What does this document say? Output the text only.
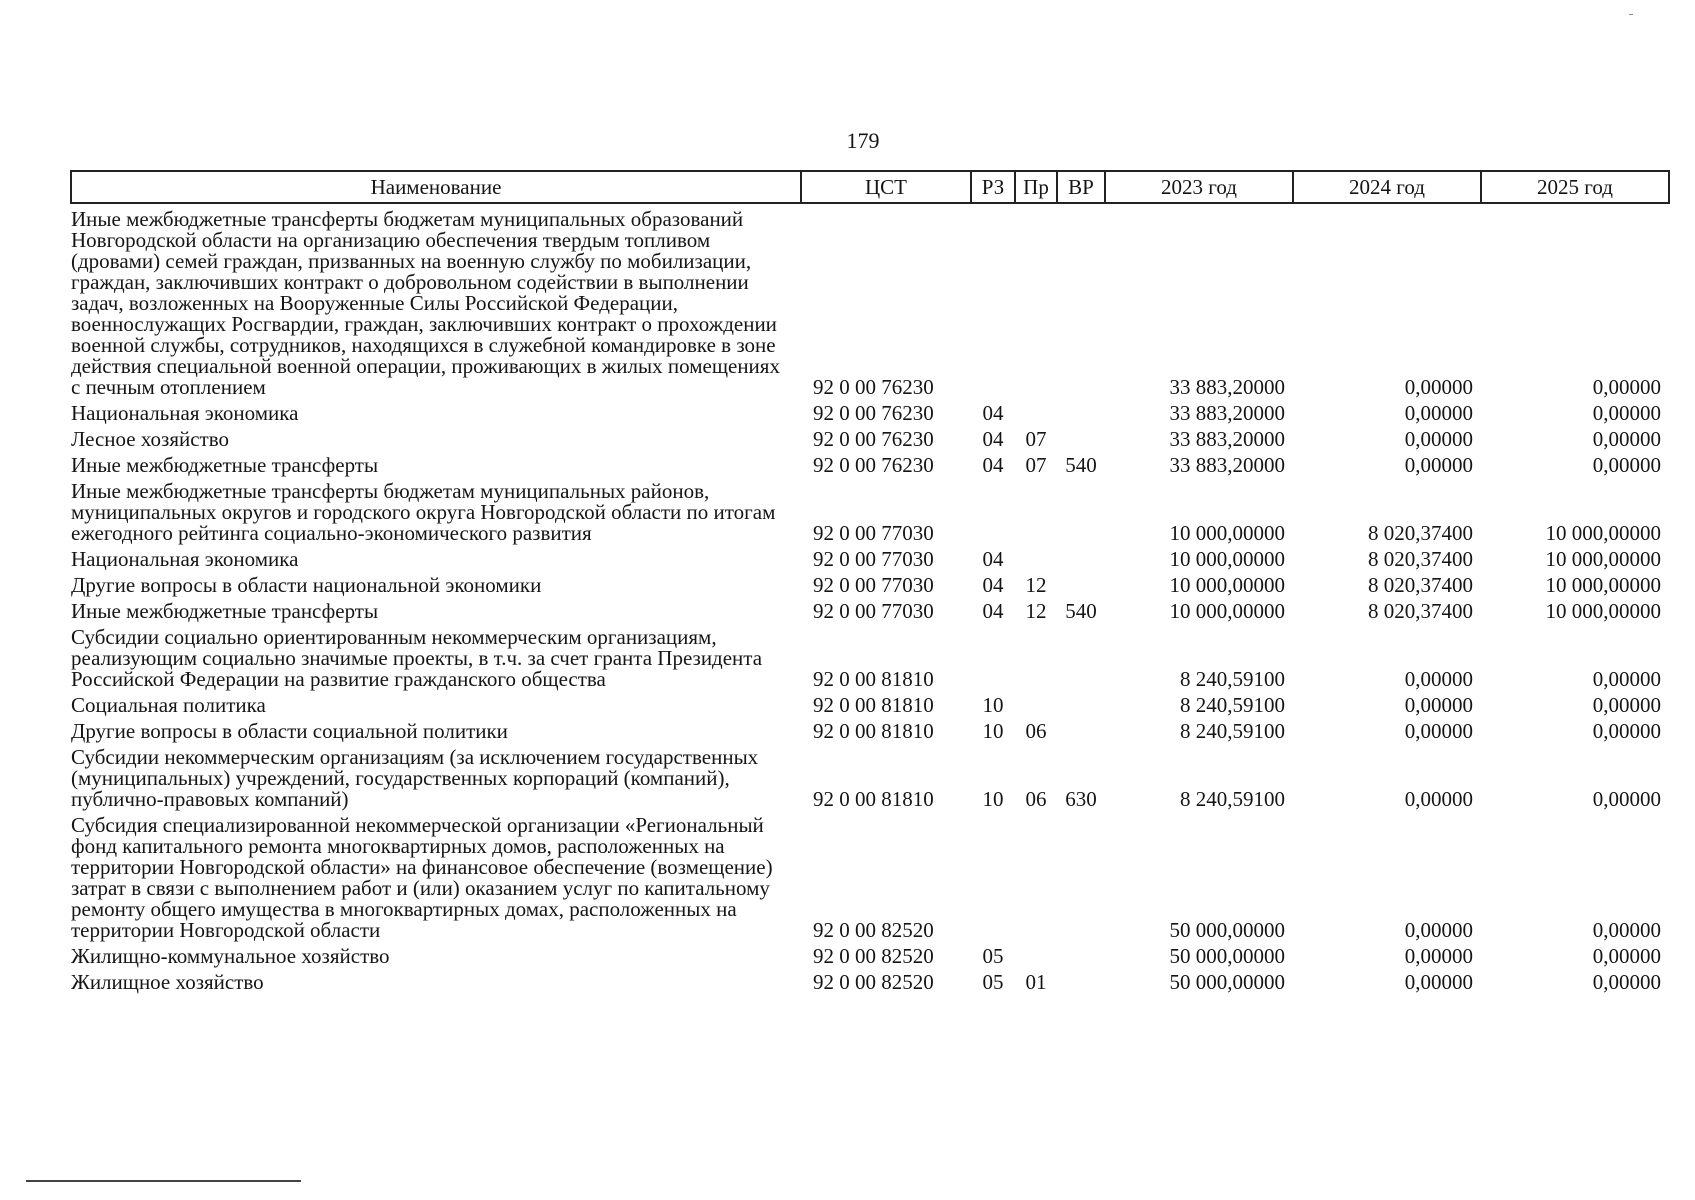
179
Наименование	ЦСТ	РЗ	Пр	ВР	2023 год	2024 год	2025 год
Иные межбюджетные трансферты бюджетам муниципальных образований Новгородской области на организацию обеспечения твердым топливом (дровами) семей граждан, призванных на военную службу по мобилизации, граждан, заключивших контракт о добровольном содействии в выполнении задач, возложенных на Вооруженные Силы Российской Федерации, военнослужащих Росгвардии, граждан, заключивших контракт о прохождении военной службы, сотрудников, находящихся в служебной командировке в зоне действия специальной военной операции, проживающих в жилых помещениях с печным отоплением	92 0 00 76230				33 883,20000	0,00000	0,00000
Национальная экономика	92 0 00 76230	04			33 883,20000	0,00000	0,00000
Лесное хозяйство	92 0 00 76230	04	07		33 883,20000	0,00000	0,00000
Иные межбюджетные трансферты	92 0 00 76230	04	07	540	33 883,20000	0,00000	0,00000
Иные межбюджетные трансферты бюджетам муниципальных районов, муниципальных округов и городского округа Новгородской области по итогам ежегодного рейтинга социально-экономического развития	92 0 00 77030				10 000,00000	8 020,37400	10 000,00000
Национальная экономика	92 0 00 77030	04			10 000,00000	8 020,37400	10 000,00000
Другие вопросы в области национальной экономики	92 0 00 77030	04	12		10 000,00000	8 020,37400	10 000,00000
Иные межбюджетные трансферты	92 0 00 77030	04	12	540	10 000,00000	8 020,37400	10 000,00000
Субсидии социально ориентированным некоммерческим организациям, реализующим социально значимые проекты, в т.ч. за счет гранта Президента Российской Федерации на развитие гражданского общества	92 0 00 81810				8 240,59100	0,00000	0,00000
Социальная политика	92 0 00 81810	10			8 240,59100	0,00000	0,00000
Другие вопросы в области социальной политики	92 0 00 81810	10	06		8 240,59100	0,00000	0,00000
Субсидии некоммерческим организациям (за исключением государственных (муниципальных) учреждений, государственных корпораций (компаний), публично-правовых компаний)	92 0 00 81810	10	06	630	8 240,59100	0,00000	0,00000
Субсидия специализированной некоммерческой организации «Региональный фонд капитального ремонта многоквартирных домов, расположенных на территории Новгородской области» на финансовое обеспечение (возмещение) затрат в связи с выполнением работ и (или) оказанием услуг по капитальному ремонту общего имущества в многоквартирных домах, расположенных на территории Новгородской области	92 0 00 82520				50 000,00000	0,00000	0,00000
Жилищно-коммунальное хозяйство	92 0 00 82520	05			50 000,00000	0,00000	0,00000
Жилищное хозяйство	92 0 00 82520	05	01		50 000,00000	0,00000	0,00000
